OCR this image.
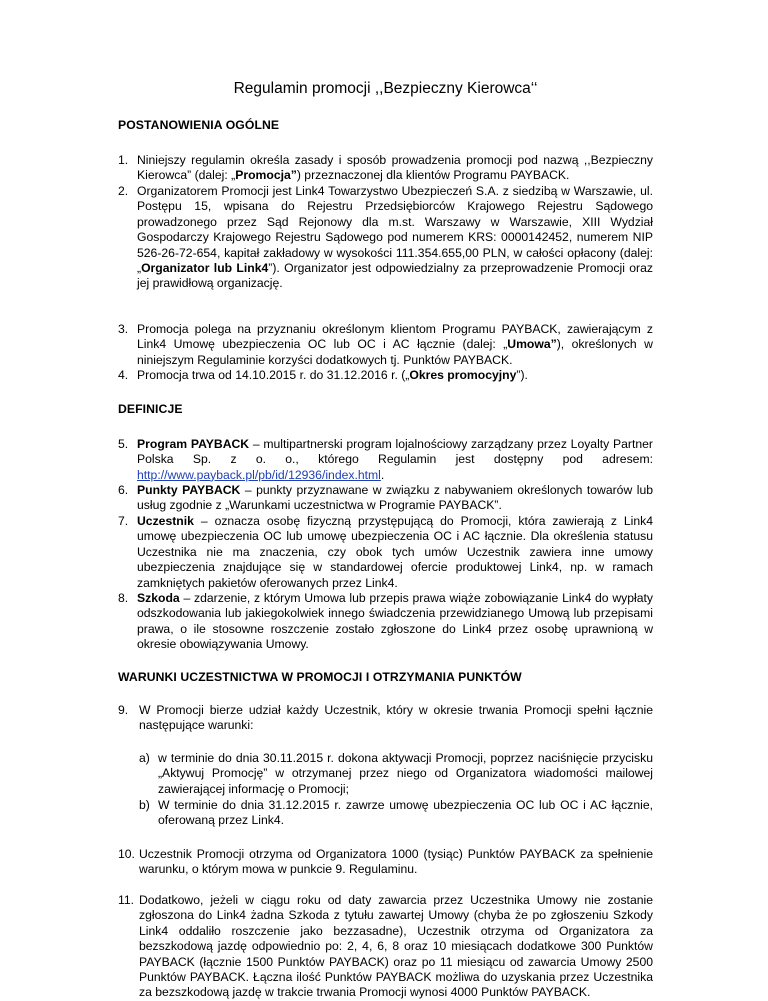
Regulamin promocji ,,Bezpieczny Kierowca‘‘
POSTANOWIENIA OGÓLNE
1. Niniejszy regulamin określa zasady i sposób prowadzenia promocji pod nazwą ,,Bezpieczny Kierowca” (dalej: „Promocja”) przeznaczonej dla klientów Programu PAYBACK.
2. Organizatorem Promocji jest Link4 Towarzystwo Ubezpieczeń S.A. z siedzibą w Warszawie, ul. Postępu 15, wpisana do Rejestru Przedsiębiorców Krajowego Rejestru Sądowego prowadzonego przez Sąd Rejonowy dla m.st. Warszawy w Warszawie, XIII Wydział Gospodarczy Krajowego Rejestru Sądowego pod numerem KRS: 0000142452, numerem NIP 526-26-72-654, kapitał zakładowy w wysokości 111.354.655,00 PLN, w całości opłacony (dalej: „Organizator lub Link4”). Organizator jest odpowiedzialny za przeprowadzenie Promocji oraz jej prawidłową organizację.
3. Promocja polega na przyznaniu określonym klientom Programu PAYBACK, zawierającym z Link4 Umowę ubezpieczenia OC lub OC i AC łącznie (dalej: „Umowa”), określonych w niniejszym Regulaminie korzyści dodatkowych tj. Punktów PAYBACK.
4. Promocja trwa od 14.10.2015 r. do 31.12.2016 r. („Okres promocyjny”).
DEFINICJE
5. Program PAYBACK – multipartnerski program lojalnościowy zarządzany przez Loyalty Partner Polska Sp. z o. o., którego Regulamin jest dostępny pod adresem: http://www.payback.pl/pb/id/12936/index.html.
6. Punkty PAYBACK – punkty przyznawane w związku z nabywaniem określonych towarów lub usług zgodnie z „Warunkami uczestnictwa w Programie PAYBACK”.
7. Uczestnik – oznacza osobę fizyczną przystępującą do Promocji, która zawierają z Link4 umowę ubezpieczenia OC lub umowę ubezpieczenia OC i AC łącznie. Dla określenia statusu Uczestnika nie ma znaczenia, czy obok tych umów Uczestnik zawiera inne umowy ubezpieczenia znajdujące się w standardowej ofercie produktowej Link4, np. w ramach zamkniętych pakietów oferowanych przez Link4.
8. Szkoda – zdarzenie, z którym Umowa lub przepis prawa wiąże zobowiązanie Link4 do wypłaty odszkodowania lub jakiegokolwiek innego świadczenia przewidzianego Umową lub przepisami prawa, o ile stosowne roszczenie zostało zgłoszone do Link4 przez osobę uprawnioną w okresie obowiązywania Umowy.
WARUNKI UCZESTNICTWA W PROMOCJI I OTRZYMANIA PUNKTÓW
9. W Promocji bierze udział każdy Uczestnik, który w okresie trwania Promocji spełni łącznie następujące warunki:
a) w terminie do dnia 30.11.2015 r. dokona aktywacji Promocji, poprzez naciśnięcie przycisku „Aktywuj Promocję” w otrzymanej przez niego od Organizatora wiadomości mailowej zawierającej informację o Promocji;
b) W terminie do dnia 31.12.2015 r. zawrze umowę ubezpieczenia OC lub OC i AC łącznie, oferowaną przez Link4.
10. Uczestnik Promocji otrzyma od Organizatora 1000 (tysiąc) Punktów PAYBACK za spełnienie warunku, o którym mowa w punkcie 9. Regulaminu.
11. Dodatkowo, jeżeli w ciągu roku od daty zawarcia przez Uczestnika Umowy nie zostanie zgłoszona do Link4 żadna Szkoda z tytułu zawartej Umowy (chyba że po zgłoszeniu Szkody Link4 oddaliło roszczenie jako bezzasadne), Uczestnik otrzyma od Organizatora za bezszkodową jazdę odpowiednio po: 2, 4, 6, 8 oraz 10 miesiącach dodatkowe 300 Punktów PAYBACK (łącznie 1500 Punktów PAYBACK) oraz po 11 miesiącu od zawarcia Umowy 2500 Punktów PAYBACK. Łączna ilość Punktów PAYBACK możliwa do uzyskania przez Uczestnika za bezszkodową jazdę w trakcie trwania Promocji wynosi 4000 Punktów PAYBACK.
